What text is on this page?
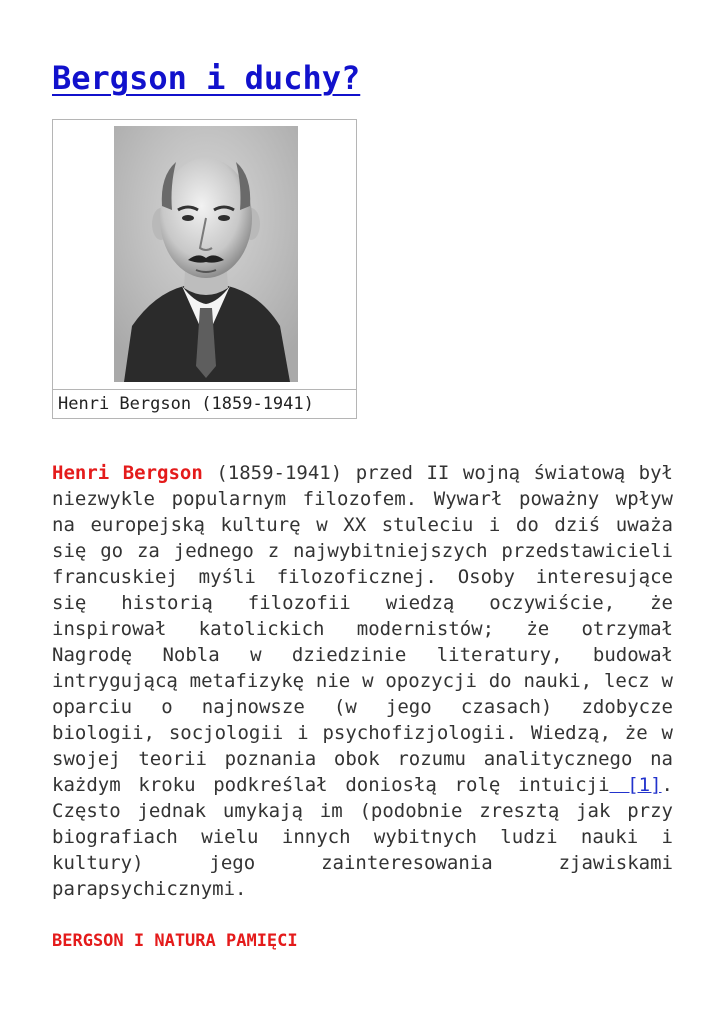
Bergson i duchy?
Henri Bergson (1859-1941)

Henri Bergson (1859-1941) przed II wojną światową był niezwykle popularnym filozofem. Wywarł poważny wpływ na europejską kulturę w XX stuleciu i do dziś uważa się go za jednego z najwybitniejszych przedstawicieli francuskiej myśli filozoficznej. Osoby interesujące się historią filozofii wiedzą oczywiście, że inspirował katolickich modernistów; że otrzymał Nagrodę Nobla w dziedzinie literatury, budował intrygującą metafizykę nie w opozycji do nauki, lecz w oparciu o najnowsze (w jego czasach) zdobycze biologii, socjologii i psychofizjologii. Wiedzą, że w swojej teorii poznania obok rozumu analitycznego na każdym kroku podkreślał doniosłą rolę intuicji [1]. Często jednak umykają im (podobnie zresztą jak przy biografiach wielu innych wybitnych ludzi nauki i kultury) jego zainteresowania zjawiskami parapsychicznymi.

BERGSON I NATURA PAMIĘCI
